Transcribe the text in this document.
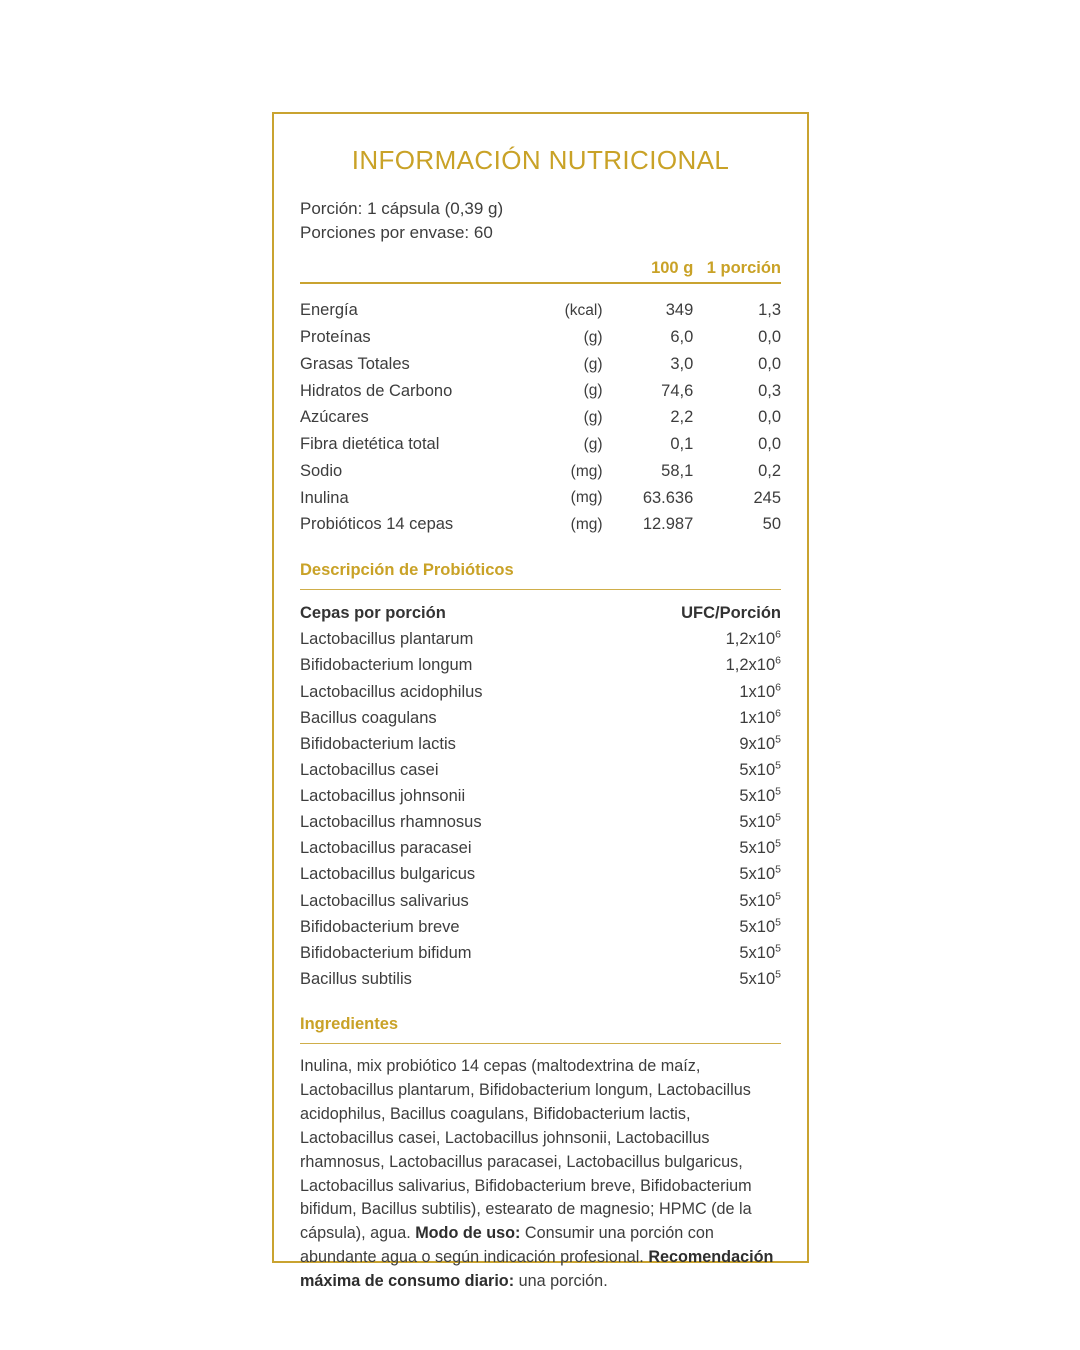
INFORMACIÓN NUTRICIONAL
Porción: 1 cápsula (0,39 g)
Porciones por envase: 60
		100 g	1 porción

Energía	(kcal)	349	1,3
Proteínas	(g)	6,0	0,0
Grasas Totales	(g)	3,0	0,0
Hidratos de Carbono	(g)	74,6	0,3
Azúcares	(g)	2,2	0,0
Fibra dietética total	(g)	0,1	0,0
Sodio	(mg)	58,1	0,2
Inulina	(mg)	63.636	245
Probióticos 14 cepas	(mg)	12.987	50
Descripción de Probióticos
Cepas por porción	UFC/Porción
Lactobacillus plantarum	$1,2x10^6$
Bifidobacterium longum	$1,2x10^6$
Lactobacillus acidophilus	$1x10^6$
Bacillus coagulans	$1x10^6$
Bifidobacterium lactis	$9x10^5$
Lactobacillus casei	$5x10^5$
Lactobacillus johnsonii	$5x10^5$
Lactobacillus rhamnosus	$5x10^5$
Lactobacillus paracasei	$5x10^5$
Lactobacillus bulgaricus	$5x10^5$
Lactobacillus salivarius	$5x10^5$
Bifidobacterium breve	$5x10^5$
Bifidobacterium bifidum	$5x10^5$
Bacillus subtilis	$5x10^5$
Ingredientes

Inulina, mix probiótico 14 cepas (maltodextrina de maíz, Lactobacillus plantarum, Bifidobacterium longum, Lactobacillus acidophilus, Bacillus coagulans, Bifidobacterium lactis, Lactobacillus casei, Lactobacillus johnsonii, Lactobacillus rhamnosus, Lactobacillus paracasei, Lactobacillus bulgaricus, Lactobacillus salivarius, Bifidobacterium breve, Bifidobacterium bifidum, Bacillus subtilis), estearato de magnesio; HPMC (de la cápsula), agua. Modo de uso: Consumir una porción con abundante agua o según indicación profesional. Recomendación máxima de consumo diario: una porción.
